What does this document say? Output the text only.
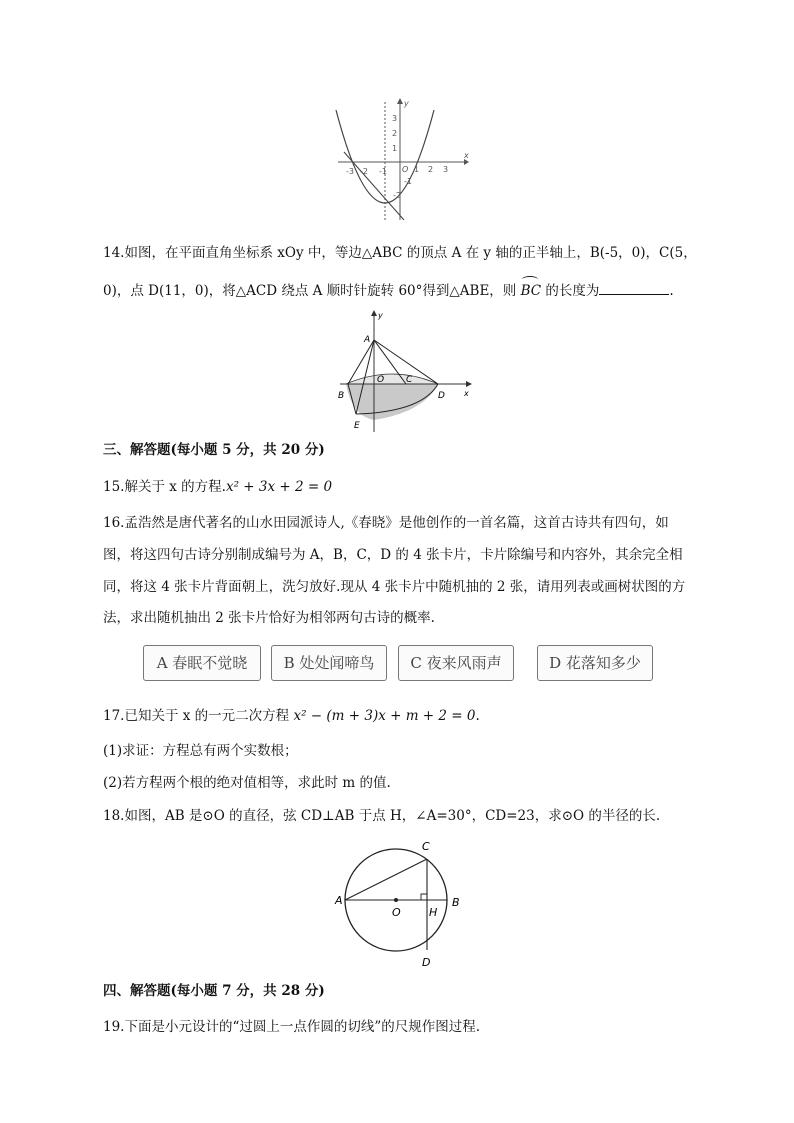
-3 -2 -1 O 1 2 3
3
2
1
-1
-2
x
y
14.如图，在平面直角坐标系 xOy 中，等边△ABC 的顶点 A 在 y 轴的正半轴上，B(-5，0)，C(5，
0)，点 D(11，0)，将△ACD 绕点 A 顺时针旋转 60°得到△ABE，则 BC 的长度为	.
A
y
B
O C
D x
E
三、解答题(每小题 5 分，共 20 分)
15.解关于 x 的方程.x² + 3x + 2 = 0
16.孟浩然是唐代著名的山水田园派诗人,《春晓》是他创作的一首名篇，这首古诗共有四句，如
图，将这四句古诗分别制成编号为 A，B，C，D 的 4 张卡片，卡片除编号和内容外，其余完全相
同，将这 4 张卡片背面朝上，洗匀放好.现从 4 张卡片中随机抽的 2 张，请用列表或画树状图的方
法，求出随机抽出 2 张卡片恰好为相邻两句古诗的概率.
A 春眠不觉晓	B 处处闻啼鸟	C 夜来风雨声	D 花落知多少
17.已知关于 x 的一元二次方程 x² − (m + 3)x + m + 2 = 0.
(1)求证：方程总有两个实数根；
(2)若方程两个根的绝对值相等，求此时 m 的值.
18.如图，AB 是⊙O 的直径，弦 CD⊥AB 于点 H，∠A=30°，CD=23，求⊙O 的半径的长.
A	B
C
D
O	H
四、解答题(每小题 7 分，共 28 分)
19.下面是小元设计的“过圆上一点作圆的切线”的尺规作图过程.
